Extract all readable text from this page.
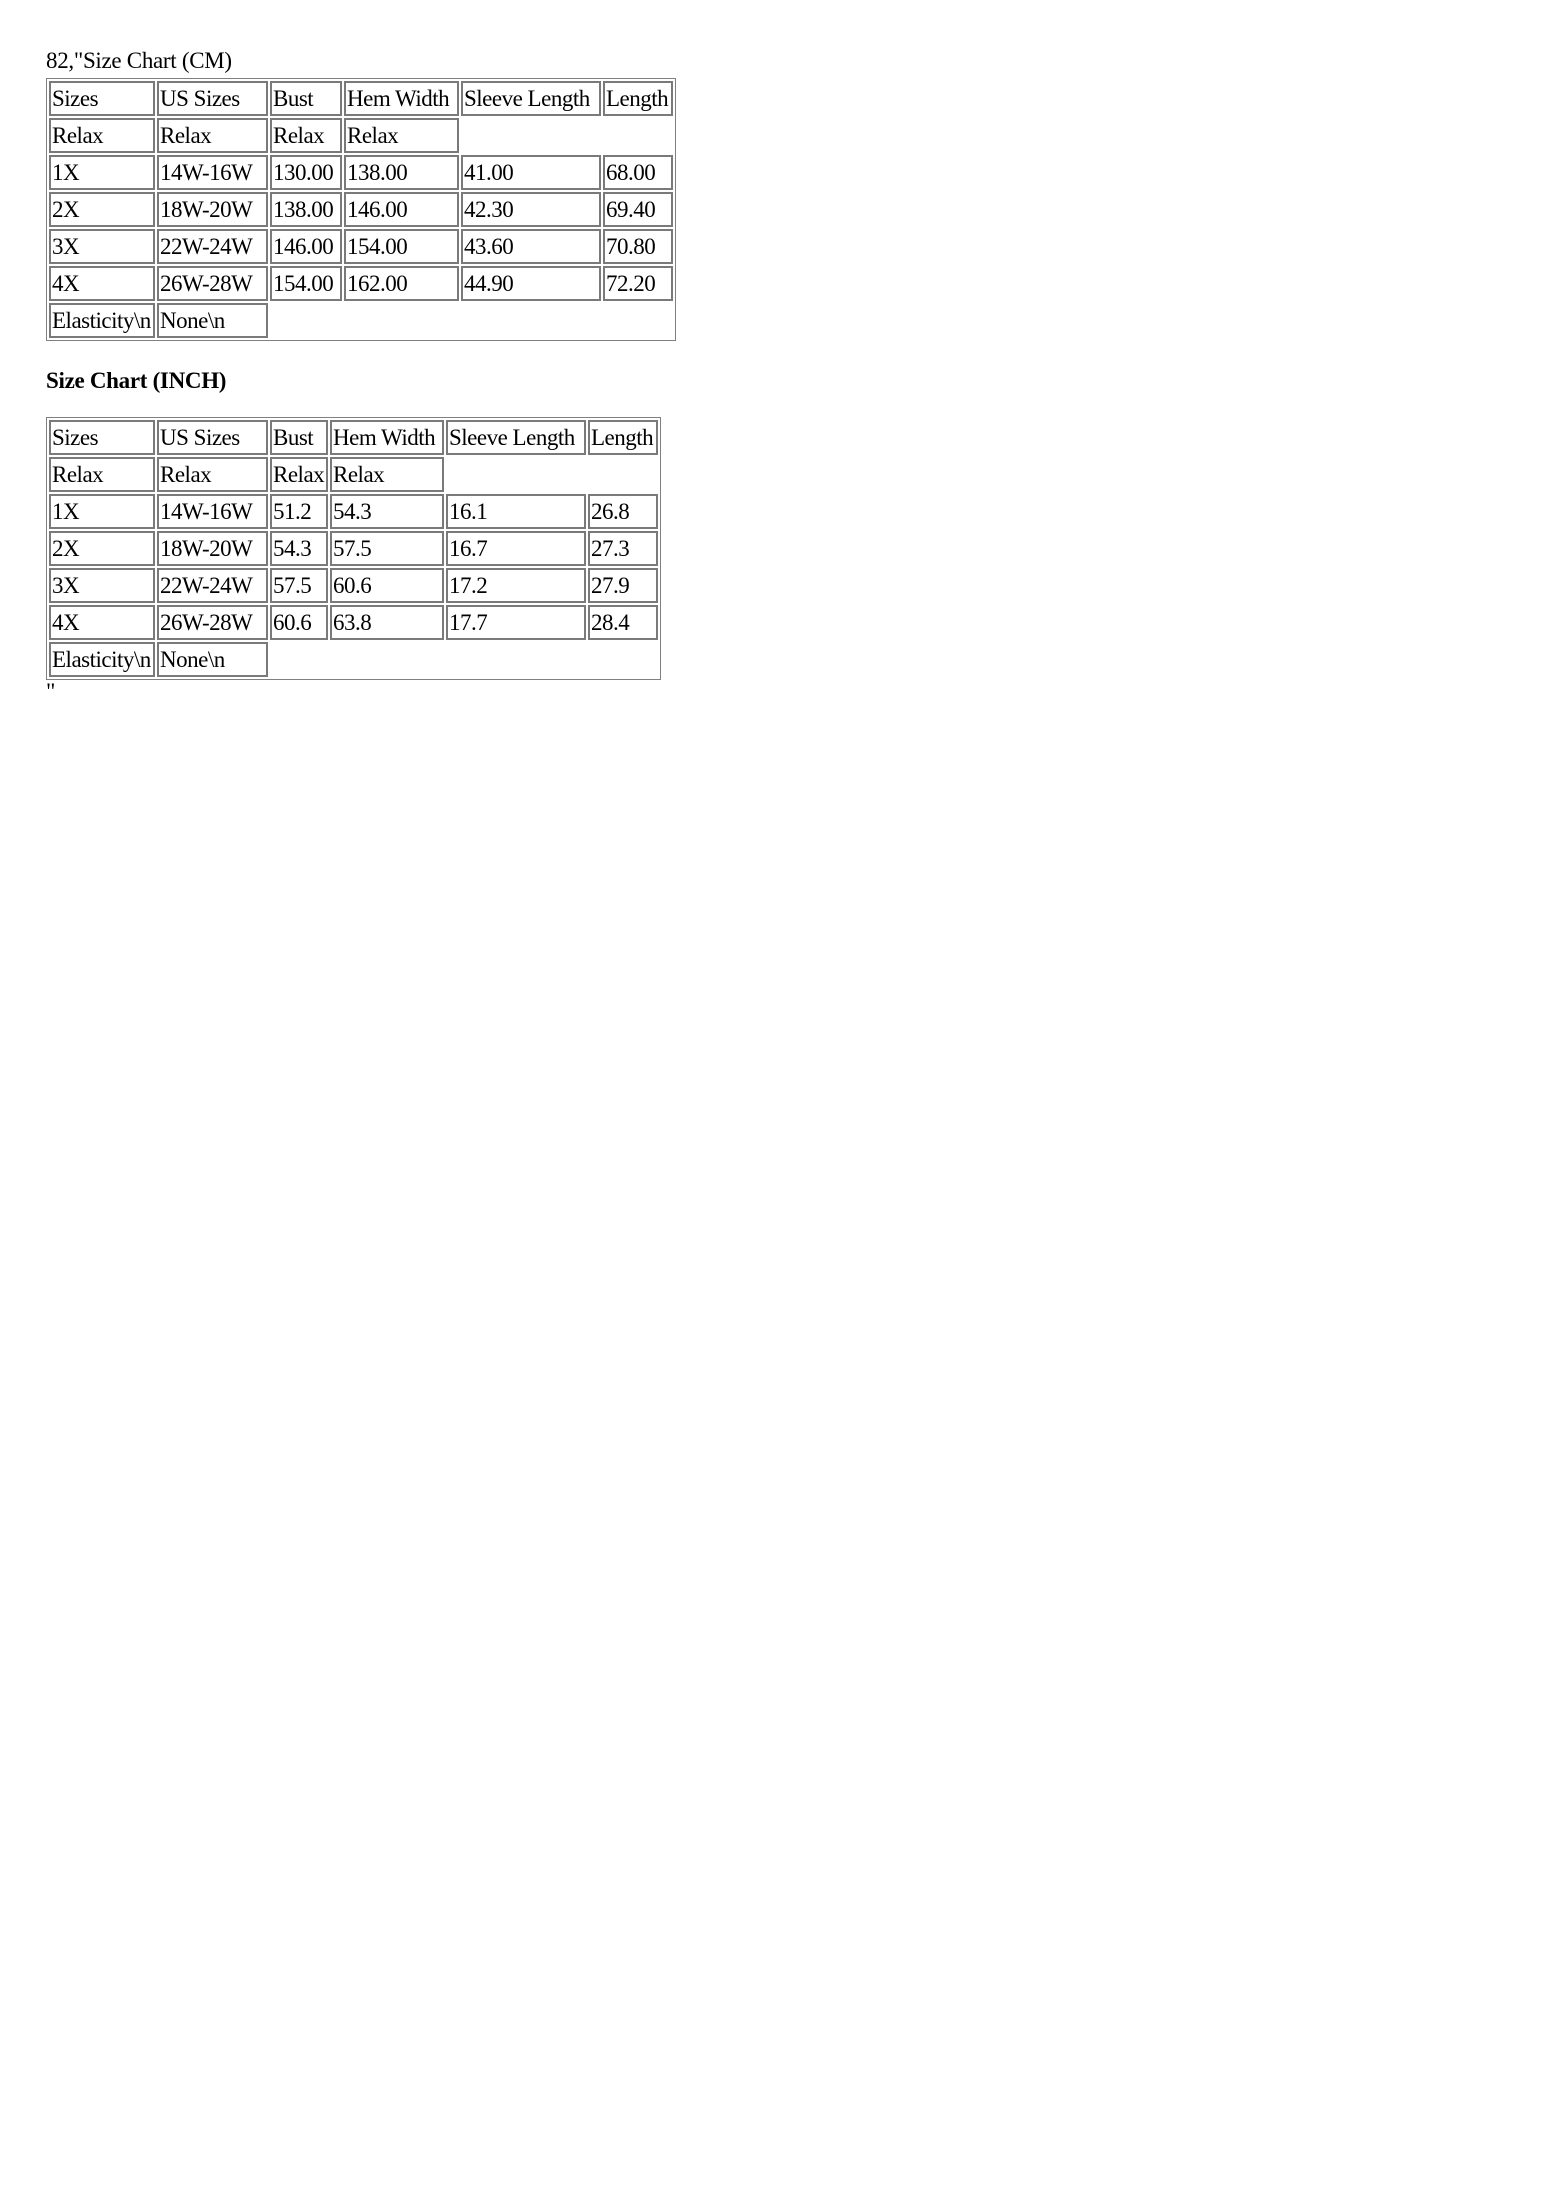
82,"Size Chart (CM)
Sizes	US Sizes	Bust	Hem Width	Sleeve Length	Length
Relax	Relax	Relax	Relax		
1X	14W-16W	130.00	138.00	41.00	68.00
2X	18W-20W	138.00	146.00	42.30	69.40
3X	22W-24W	146.00	154.00	43.60	70.80
4X	26W-28W	154.00	162.00	44.90	72.20
Elasticity\n	None\n				
Size Chart (INCH)
Sizes	US Sizes	Bust	Hem Width	Sleeve Length	Length
Relax	Relax	Relax	Relax		
1X	14W-16W	51.2	54.3	16.1	26.8
2X	18W-20W	54.3	57.5	16.7	27.3
3X	22W-24W	57.5	60.6	17.2	27.9
4X	26W-28W	60.6	63.8	17.7	28.4
Elasticity\n	None\n				
"
